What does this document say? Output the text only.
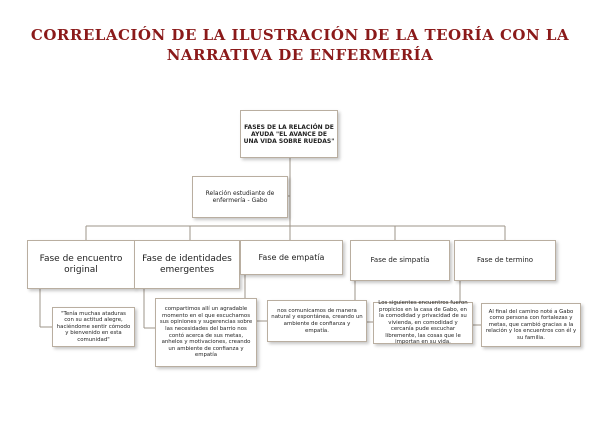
CORRELACIÓN DE LA ILUSTRACIÓN DE LA TEORÍA CON LA
NARRATIVA DE ENFERMERÍA
FASES DE LA RELACIÓN DE AYUDA "EL AVANCE DE UNA VIDA SOBRE RUEDAS"
Relación estudiante de enfermería - Gabo
Fase de encuentro original
Fase de identidades emergentes
Fase de empatía	Fase de simpatía	Fase de termino
"Tenía muchas ataduras con su actitud alegre, haciéndome sentir cómodo y bienvenido en esta comunidad"
compartimos allí un agradable momento en el que escuchamos sus opiniones y sugerencias sobre las necesidades del barrio nos contó acerca de sus metas, anhelos y motivaciones, creando un ambiente de confianza y empatía
nos comunicamos de manera natural y espontánea, creando un ambiente de confianza y empatía.
Los siguientes encuentros fueron propicios en la casa de Gabo, en la comodidad y privacidad de su vivienda, en comodidad y cercanía pude escuchar libremente, las cosas que le importan en su vida.
Al final del camino noté a Gabo como persona con fortalezas y metas, que cambió gracias a la relación y los encuentros con él y su familia.
